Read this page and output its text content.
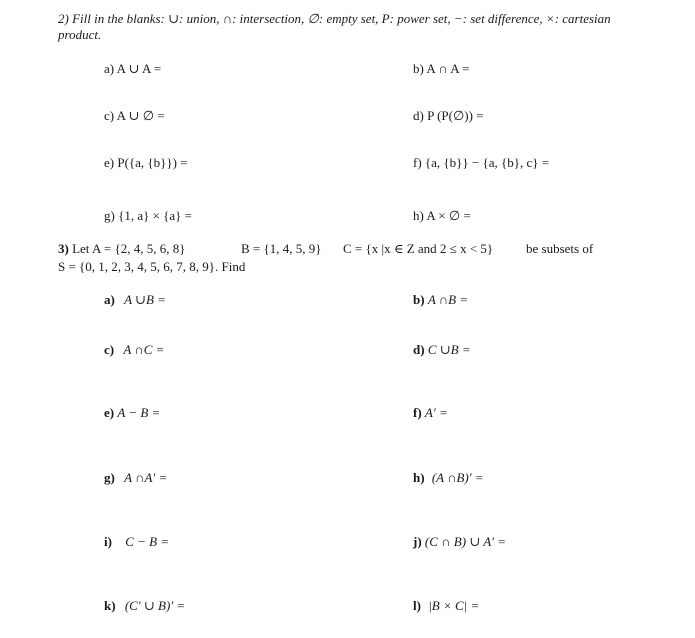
2) Fill in the blanks: ∪: union, ∩: intersection, ∅: empty set, P: power set, −: set difference, ×: cartesian
product.
a) A ∪ A =	b) A ∩ A =
c) A ∪ ∅ =	d) P (P(∅)) =
e) P({a, {b}}) =	f) {a, {b}} − {a, {b}, c} =
g) {1, a} × {a} =	h) A × ∅ =
3) Let A = {2, 4, 5, 6, 8}	B = {1, 4, 5, 9} C = {x |x ∈ Z and 2 ≤ x < 5}	be subsets of
S = {0, 1, 2, 3, 4, 5, 6, 7, 8, 9}. Find
a) A ∪B =	b) A ∩B =
c) A ∩C =	d) C ∪B =
e) A − B =	f) A′ =
g) A ∩A′ =	h) (A ∩B)′ =
i) C − B =	j) (C ∩ B) ∪ A′ =
k) (C′ ∪ B)′ =	l) |B × C| =
